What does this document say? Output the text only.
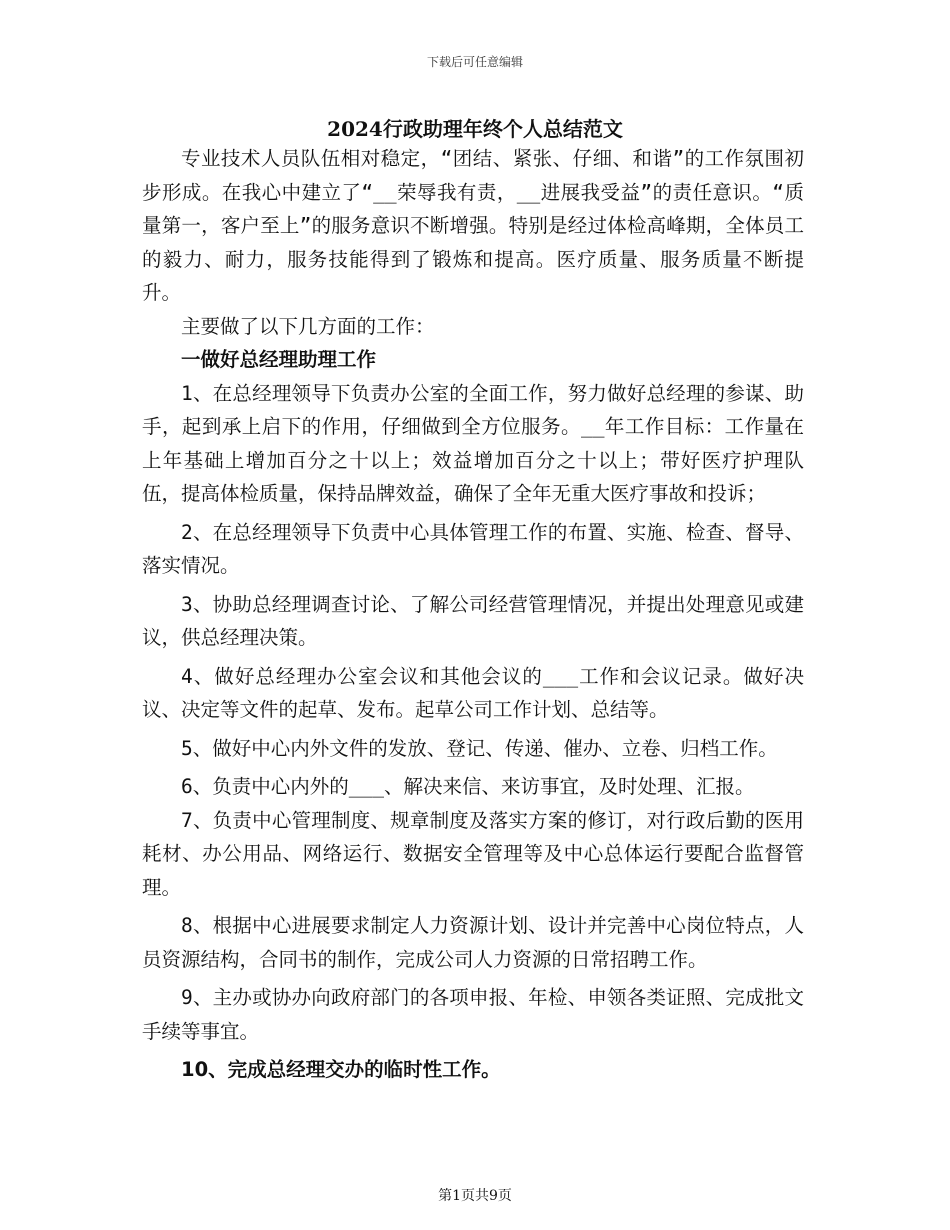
下载后可任意编辑
2024行政助理年终个人总结范文

专业技术人员队伍相对稳定，“团结、紧张、仔细、和谐”的工作氛围初步形成。在我心中建立了“__荣辱我有责，__进展我受益”的责任意识。“质量第一，客户至上”的服务意识不断增强。特别是经过体检高峰期，全体员工的毅力、耐力，服务技能得到了锻炼和提高。医疗质量、服务质量不断提升。

主要做了以下几方面的工作：

一做好总经理助理工作

1、在总经理领导下负责办公室的全面工作，努力做好总经理的参谋、助手，起到承上启下的作用，仔细做到全方位服务。__年工作目标：工作量在上年基础上增加百分之十以上；效益增加百分之十以上；带好医疗护理队伍，提高体检质量，保持品牌效益，确保了全年无重大医疗事故和投诉；

2、在总经理领导下负责中心具体管理工作的布置、实施、检查、督导、落实情况。

3、协助总经理调查讨论、了解公司经营管理情况，并提出处理意见或建议，供总经理决策。

4、做好总经理办公室会议和其他会议的___工作和会议记录。做好决议、决定等文件的起草、发布。起草公司工作计划、总结等。

5、做好中心内外文件的发放、登记、传递、催办、立卷、归档工作。

6、负责中心内外的___、解决来信、来访事宜，及时处理、汇报。

7、负责中心管理制度、规章制度及落实方案的修订，对行政后勤的医用耗材、办公用品、网络运行、数据安全管理等及中心总体运行要配合监督管理。

8、根据中心进展要求制定人力资源计划、设计并完善中心岗位特点，人员资源结构，合同书的制作，完成公司人力资源的日常招聘工作。

9、主办或协办向政府部门的各项申报、年检、申领各类证照、完成批文手续等事宜。

10、完成总经理交办的临时性工作。

第1页共9页
